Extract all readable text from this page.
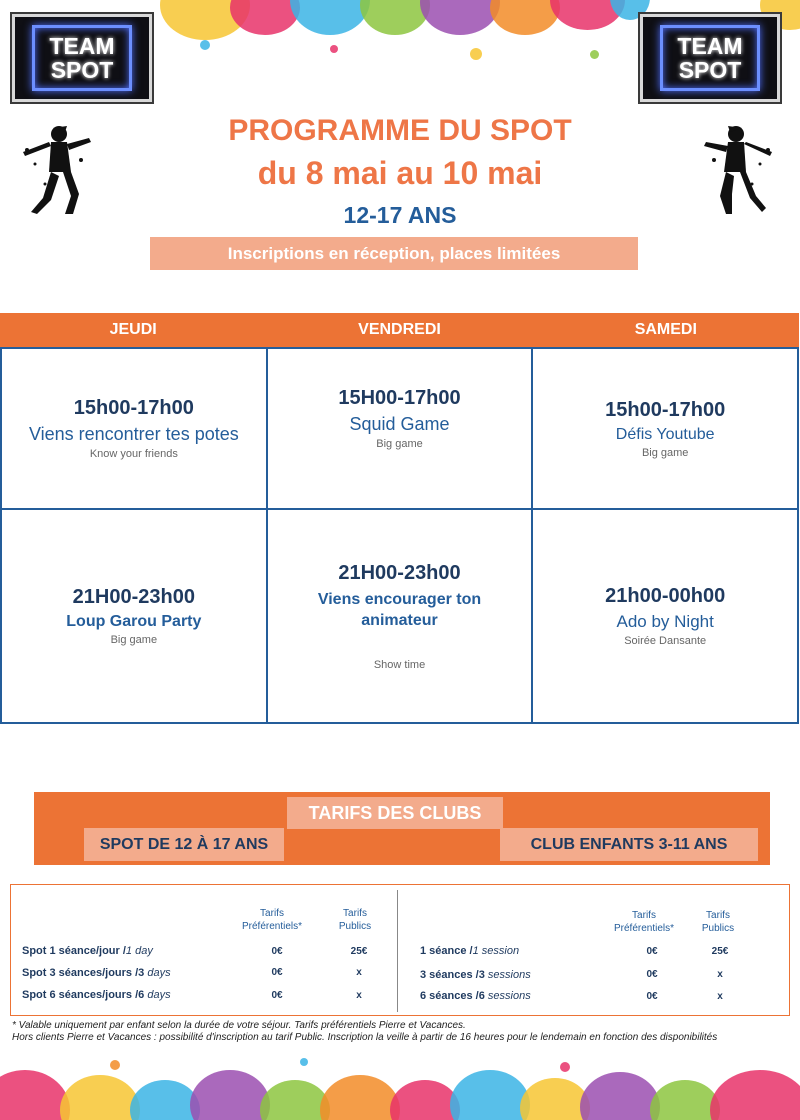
TEAM
SPOT
TEAM
SPOT
PROGRAMME DU SPOT
du 8 mai au 10 mai
12-17 ANS
Inscriptions en réception, places limitées
JEUDI	VENDREDI	SAMEDI
15h00-17h00
Viens rencontrer tes potes
Know your friends
15H00-17h00
Squid Game
Big game
15h00-17h00
Défis Youtube
Big game
21H00-23h00
Loup Garou Party
Big game
21H00-23h00
Viens encourager ton animateur
Show time
21h00-00h00
Ado by Night
Soirée Dansante
TARIFS DES CLUBS
SPOT DE 12 À 17 ANS	CLUB ENFANTS 3-11 ANS
Tarifs Préférentiels*
Tarifs Publics
Spot 1 séance/jour /1 day	0€	25€
Spot 3 séances/jours /3 days	0€	x
Spot 6 séances/jours /6 days	0€	x
Tarifs Préférentiels*
Tarifs Publics
1 séance /1 session	0€	25€
3 séances /3 sessions	0€	x
6 séances /6 sessions	0€	x
* Valable uniquement par enfant selon la durée de votre séjour. Tarifs préférentiels Pierre et Vacances.
Hors clients Pierre et Vacances : possibilité d'inscription au tarif Public. Inscription la veille à partir de 16 heures pour le lendemain en fonction des disponibilités
